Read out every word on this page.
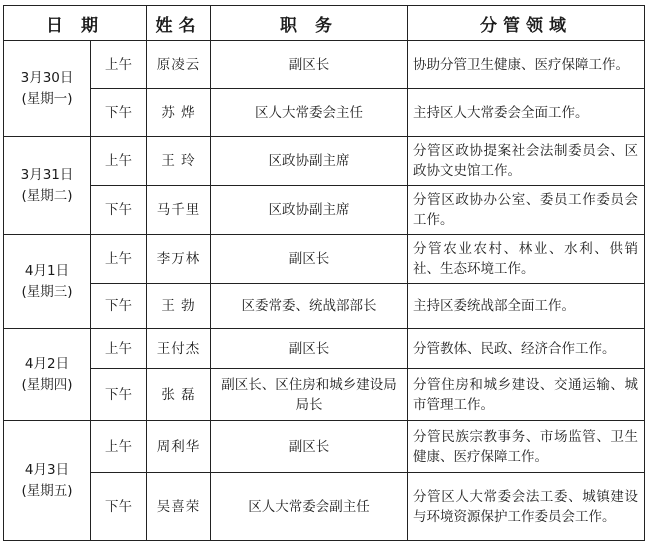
日 期		姓名	职 务	分管领域

3月30日
(星期一)	上午	原凌云	副区长	协助分管卫生健康、医疗保障工作。
	下午	苏 烨	区人大常委会主任	主持区人大常委会全面工作。

3月31日
(星期二)	上午	王 玲	区政协副主席	分管区政协提案社会法制委员会、区政协文史馆工作。
	下午	马千里	区政协副主席	分管区政协办公室、委员工作委员会工作。

4月1日
(星期三)	上午	李万林	副区长	分管农业农村、林业、水利、供销社、生态环境工作。
	下午	王 勃	区委常委、统战部部长	主持区委统战部全面工作。

4月2日
(星期四)	上午	王付杰	副区长	分管教体、民政、经济合作工作。
	下午	张 磊	副区长、区住房和城乡建设局局长	分管住房和城乡建设、交通运输、城市管理工作。

4月3日
(星期五)	上午	周利华	副区长	分管民族宗教事务、市场监管、卫生健康、医疗保障工作。
	下午	吴喜荣	区人大常委会副主任	分管区人大常委会法工委、城镇建设与环境资源保护工作委员会工作。
